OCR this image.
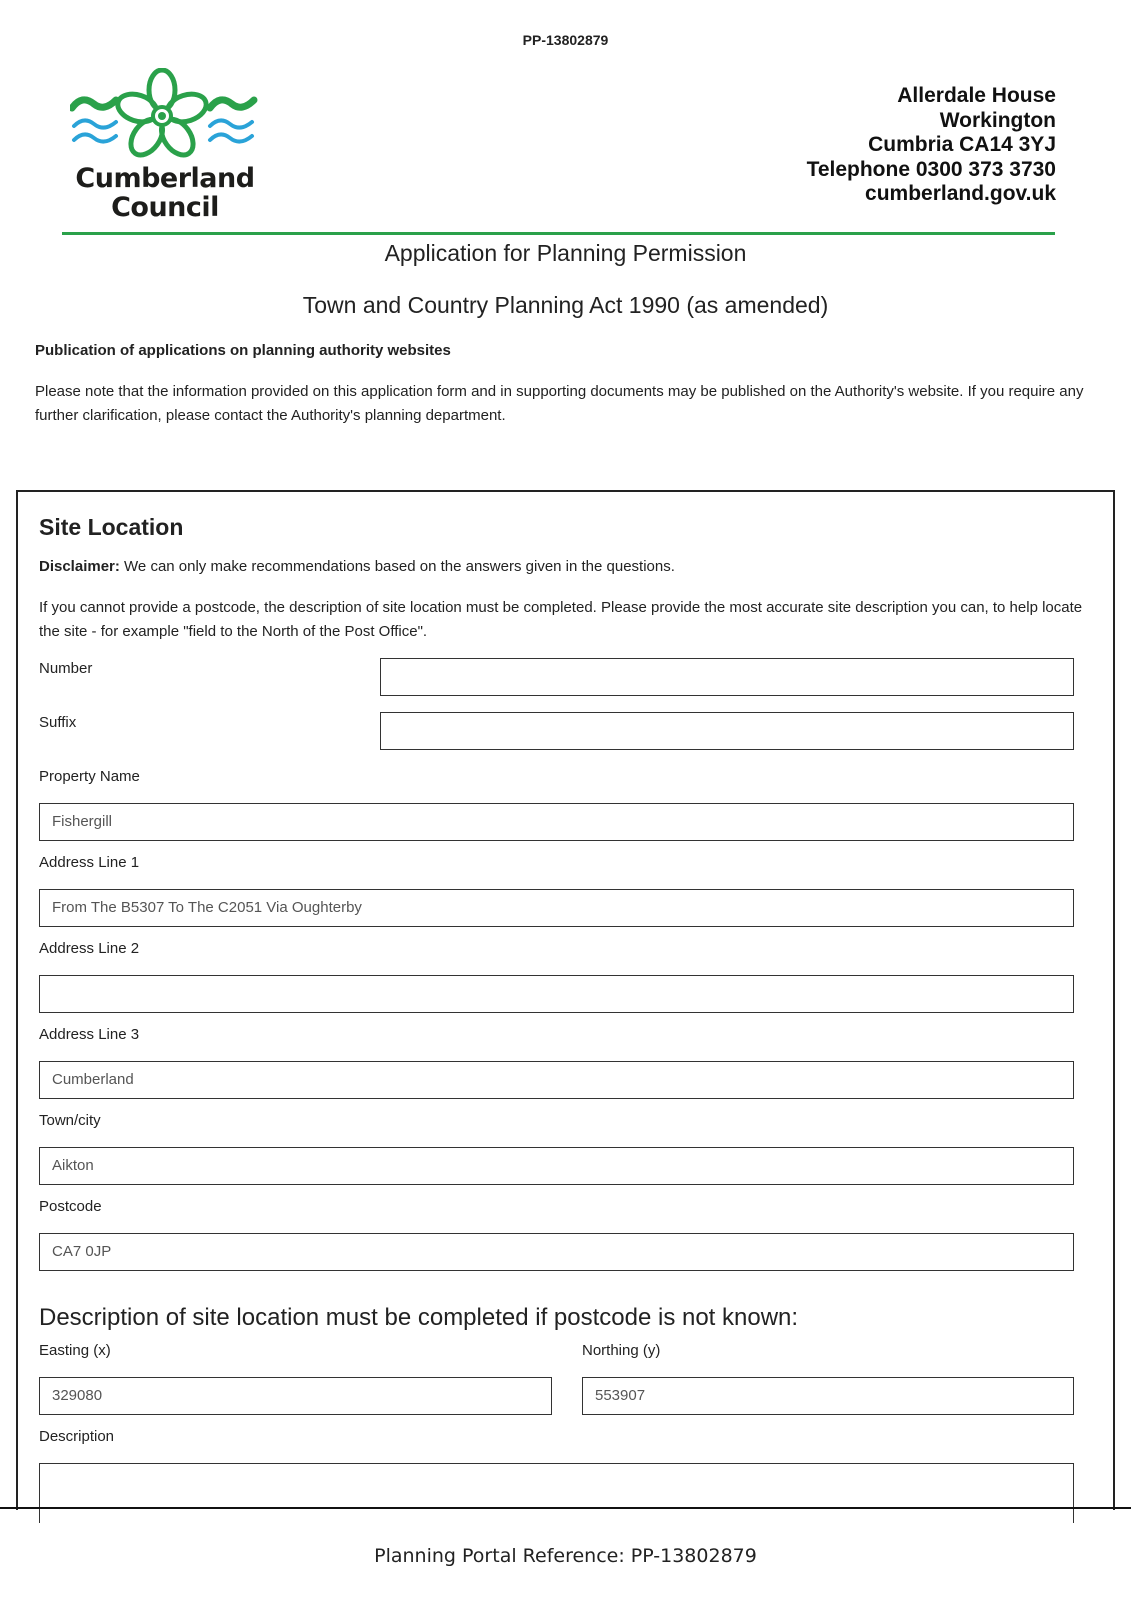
PP-13802879
Cumberland
Council
Allerdale House
Workington
Cumbria CA14 3YJ
Telephone 0300 373 3730
cumberland.gov.uk
Application for Planning Permission
Town and Country Planning Act 1990 (as amended)
Publication of applications on planning authority websites
Please note that the information provided on this application form and in supporting documents may be published on the Authority's website. If you require any further clarification, please contact the Authority's planning department.
Site Location
Disclaimer: We can only make recommendations based on the answers given in the questions.
If you cannot provide a postcode, the description of site location must be completed. Please provide the most accurate site description you can, to help locate the site - for example "field to the North of the Post Office".
Number
Suffix
Property Name
Fishergill
Address Line 1
From The B5307 To The C2051 Via Oughterby
Address Line 2
Address Line 3
Cumberland
Town/city
Aikton
Postcode
CA7 0JP
Description of site location must be completed if postcode is not known:
Easting (x)
329080
Northing (y)
553907
Description
Planning Portal Reference: PP-13802879
